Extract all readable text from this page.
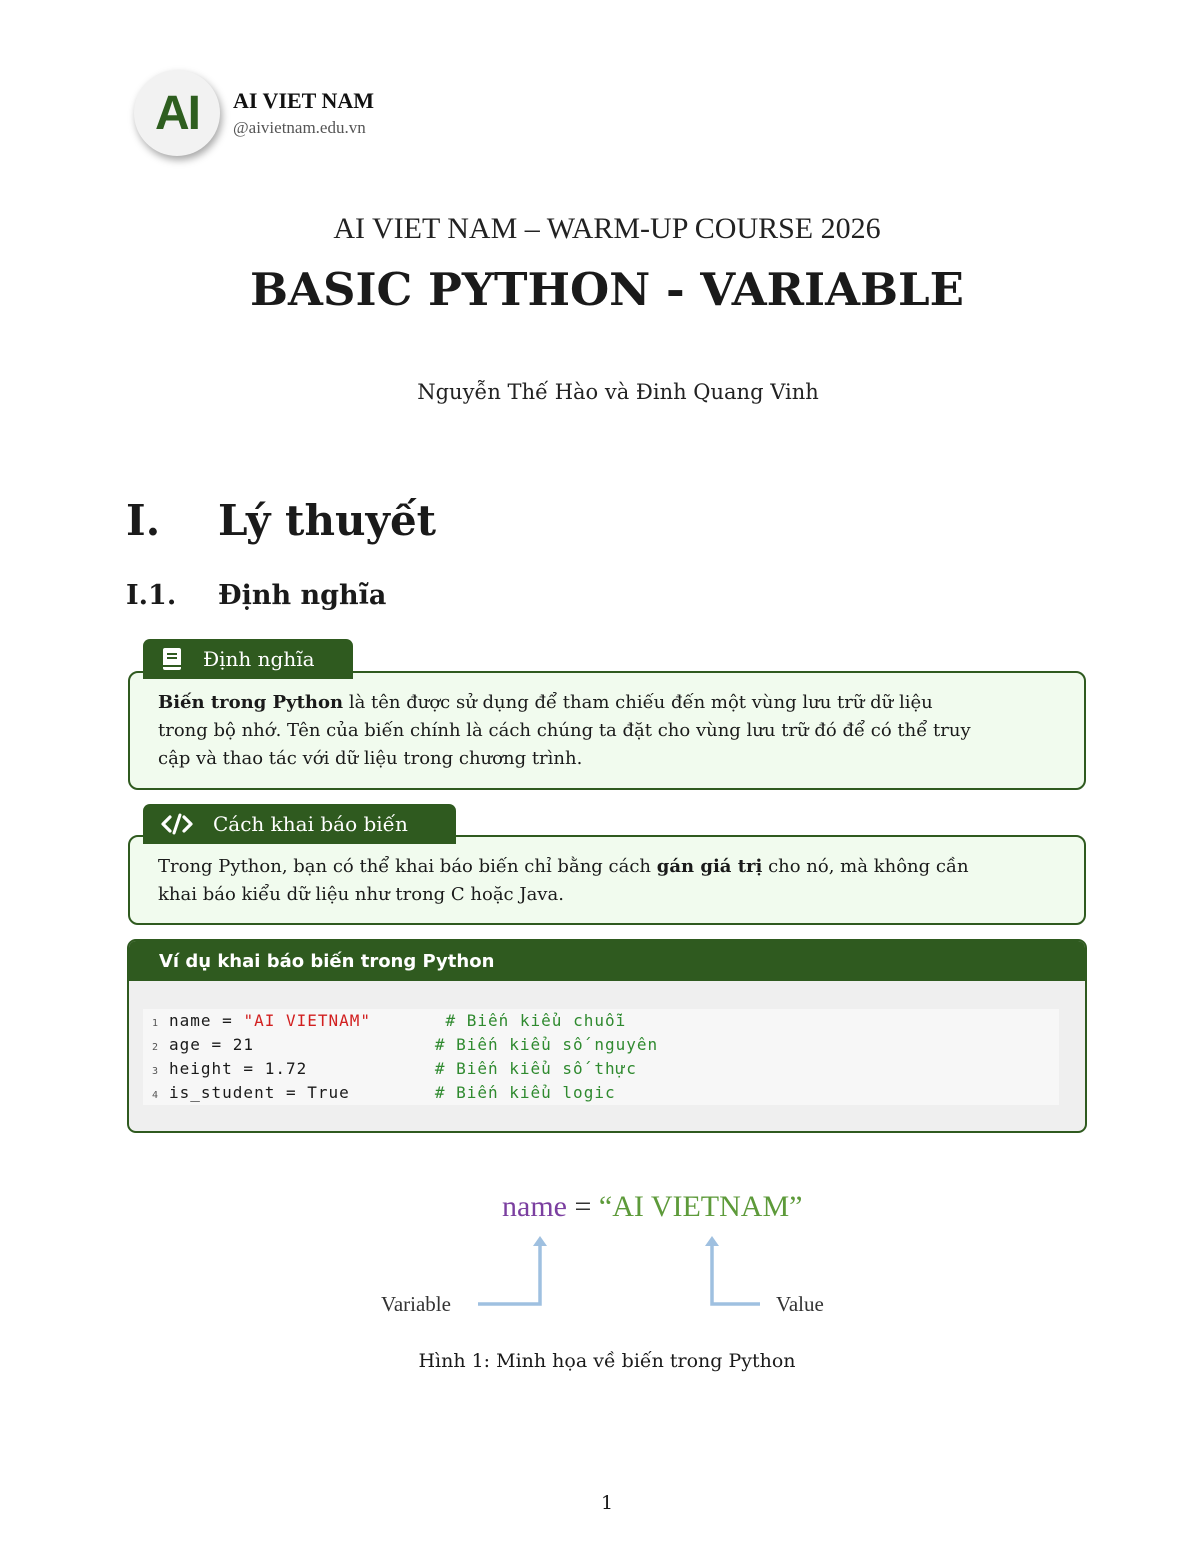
AI AI VIET NAM
@aivietnam.edu.vn
AI VIET NAM – WARM-UP COURSE 2026
BASIC PYTHON - VARIABLE
Nguyễn Thế Hào và Đinh Quang Vinh
I. Lý thuyết
I.1. Định nghĩa
Biến trong Python là tên được sử dụng để tham chiếu đến một vùng lưu trữ dữ liệu
trong bộ nhớ. Tên của biến chính là cách chúng ta đặt cho vùng lưu trữ đó để có thể truy
cập và thao tác với dữ liệu trong chương trình.
Định nghĩa
Trong Python, bạn có thể khai báo biến chỉ bằng cách gán giá trị cho nó, mà không cần
khai báo kiểu dữ liệu như trong C hoặc Java.
Cách khai báo biến
Ví dụ khai báo biến trong Python
1 name = "AI VIETNAM"	# Biến kiểu chuỗi
2 age = 21	# Biến kiểu số nguyên
3 height = 1.72	# Biến kiểu số thực
4 is_student = True	# Biến kiểu logic
name = “AI VIETNAM”
Variable	Value
Hình 1: Minh họa về biến trong Python
1
